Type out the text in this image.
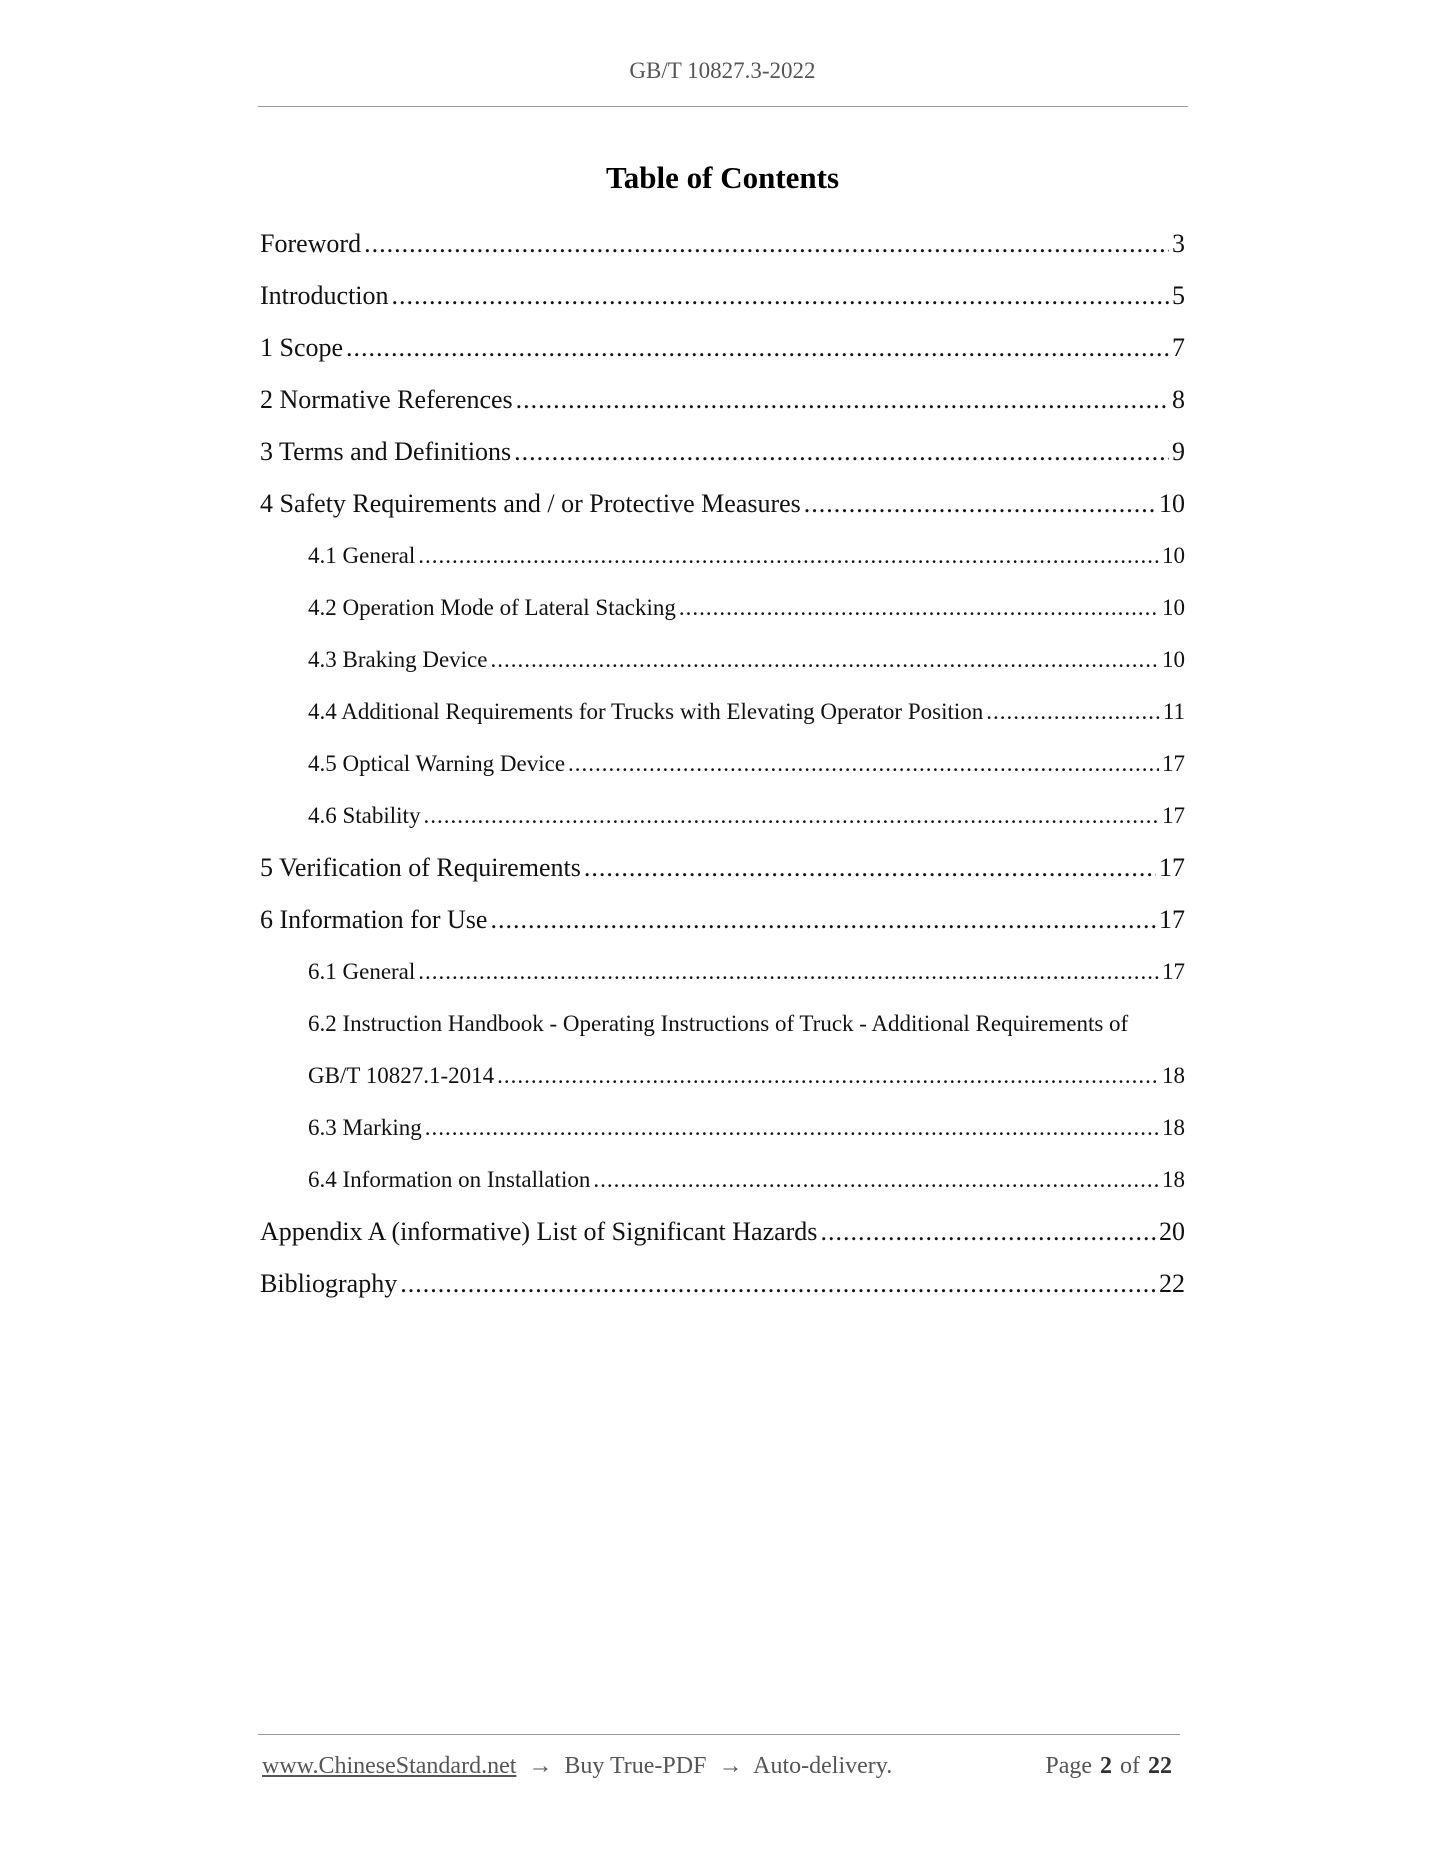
GB/T 10827.3-2022
Table of Contents
Foreword .....	3
Introduction .....	5
1 Scope .....	7
2 Normative References .....	8
3 Terms and Definitions .....	9
4 Safety Requirements and / or Protective Measures .....	10
4.1 General .....	10
4.2 Operation Mode of Lateral Stacking .....	10
4.3 Braking Device .....	10
4.4 Additional Requirements for Trucks with Elevating Operator Position .....	11
4.5 Optical Warning Device .....	17
4.6 Stability .....	17
5 Verification of Requirements .....	17
6 Information for Use .....	17
6.1 General .....	17
6.2 Instruction Handbook - Operating Instructions of Truck - Additional Requirements of
GB/T 10827.1-2014 .....	18
6.3 Marking .....	18
6.4 Information on Installation .....	18
Appendix A (informative) List of Significant Hazards .....	20
Bibliography .....	22
www.ChineseStandard.net → Buy True-PDF → Auto-delivery.	Page 2 of 22
